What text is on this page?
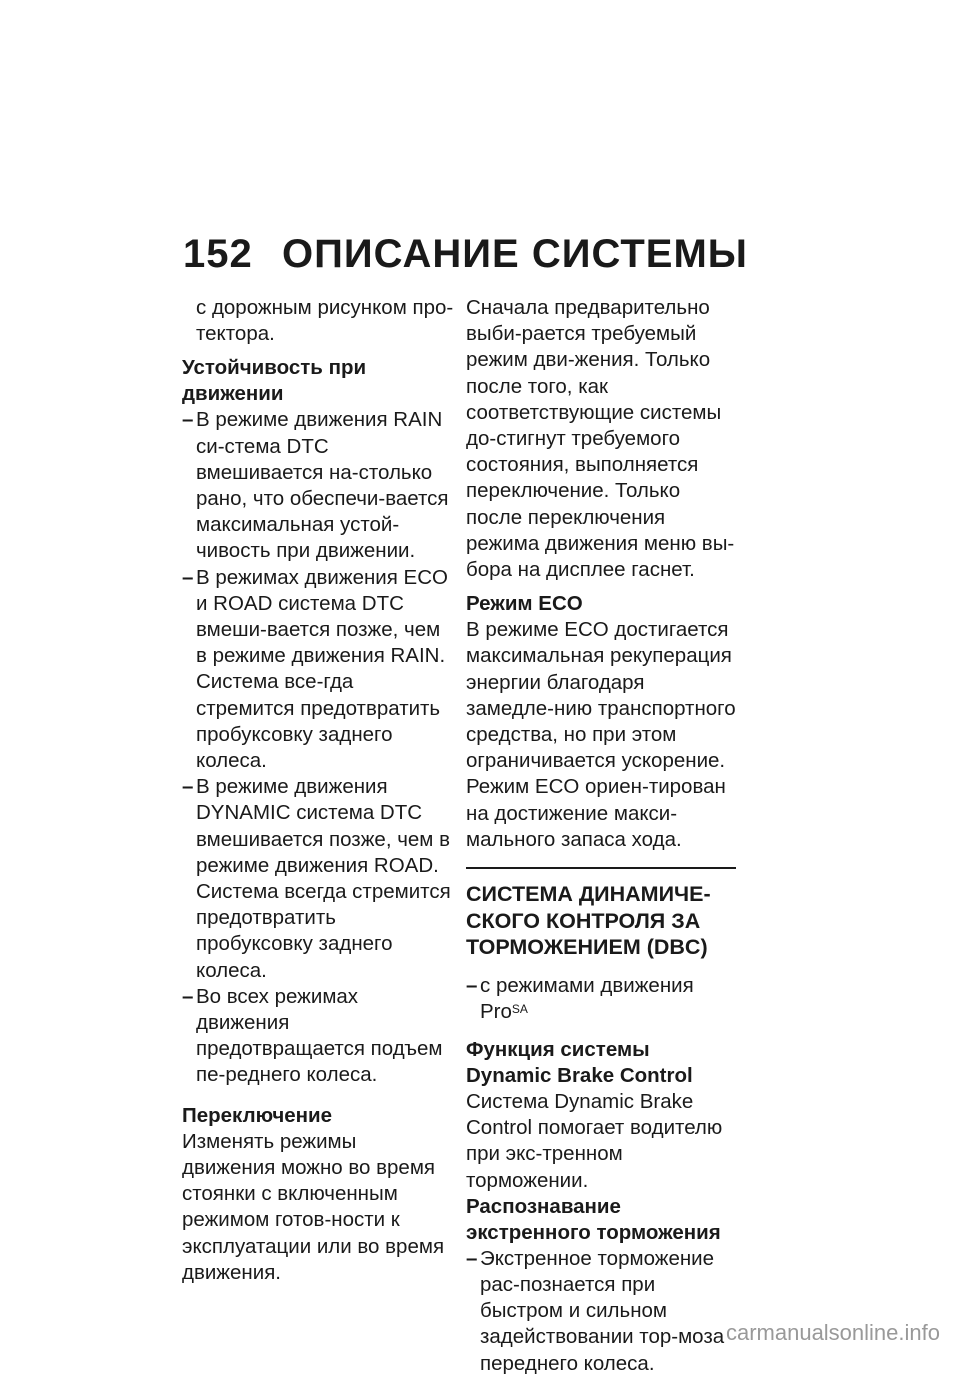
152 ОПИСАНИЕ СИСТЕМЫ

с дорожным рисунком про-тектора.

Устойчивость при движении
– В режиме движения RAIN си-стема DTC вмешивается на-столько рано, что обеспечи-вается максимальная устой-чивость при движении.
– В режимах движения ECO и ROAD система DTC вмеши-вается позже, чем в режиме движения RAIN. Система все-гда стремится предотвратить пробуксовку заднего колеса.
– В режиме движения DYNAMIC система DTC вмешивается позже, чем в режиме движения ROAD. Система всегда стремится предотвратить пробуксовку заднего колеса.
– Во всех режимах движения предотвращается подъем пе-реднего колеса.
Переключение

Изменять режимы движения можно во время стоянки с включенным режимом готов-ности к эксплуатации или во время движения.

Сначала предварительно выби-рается требуемый режим дви-жения. Только после того, как соответствующие системы до-стигнут требуемого состояния, выполняется переключение. Только после переключения режима движения меню вы-бора на дисплее гаснет.

Режим ECO

В режиме ECO достигается максимальная рекуперация энергии благодаря замедле-нию транспортного средства, но при этом ограничивается ускорение. Режим ECO ориен-тирован на достижение макси-мального запаса хода.

СИСТЕМА ДИНАМИЧЕ-СКОГО КОНТРОЛЯ ЗА ТОРМОЖЕНИЕМ (DBC)
– с режимами движения Pro$^{SA}$
Функция системы Dynamic Brake Control

Система Dynamic Brake Control помогает водителю при экс-тренном торможении.

Распознавание экстренного торможения
– Экстренное торможение рас-познается при быстром и сильном задействовании тор-моза переднего колеса.
carmanualsonline.info
